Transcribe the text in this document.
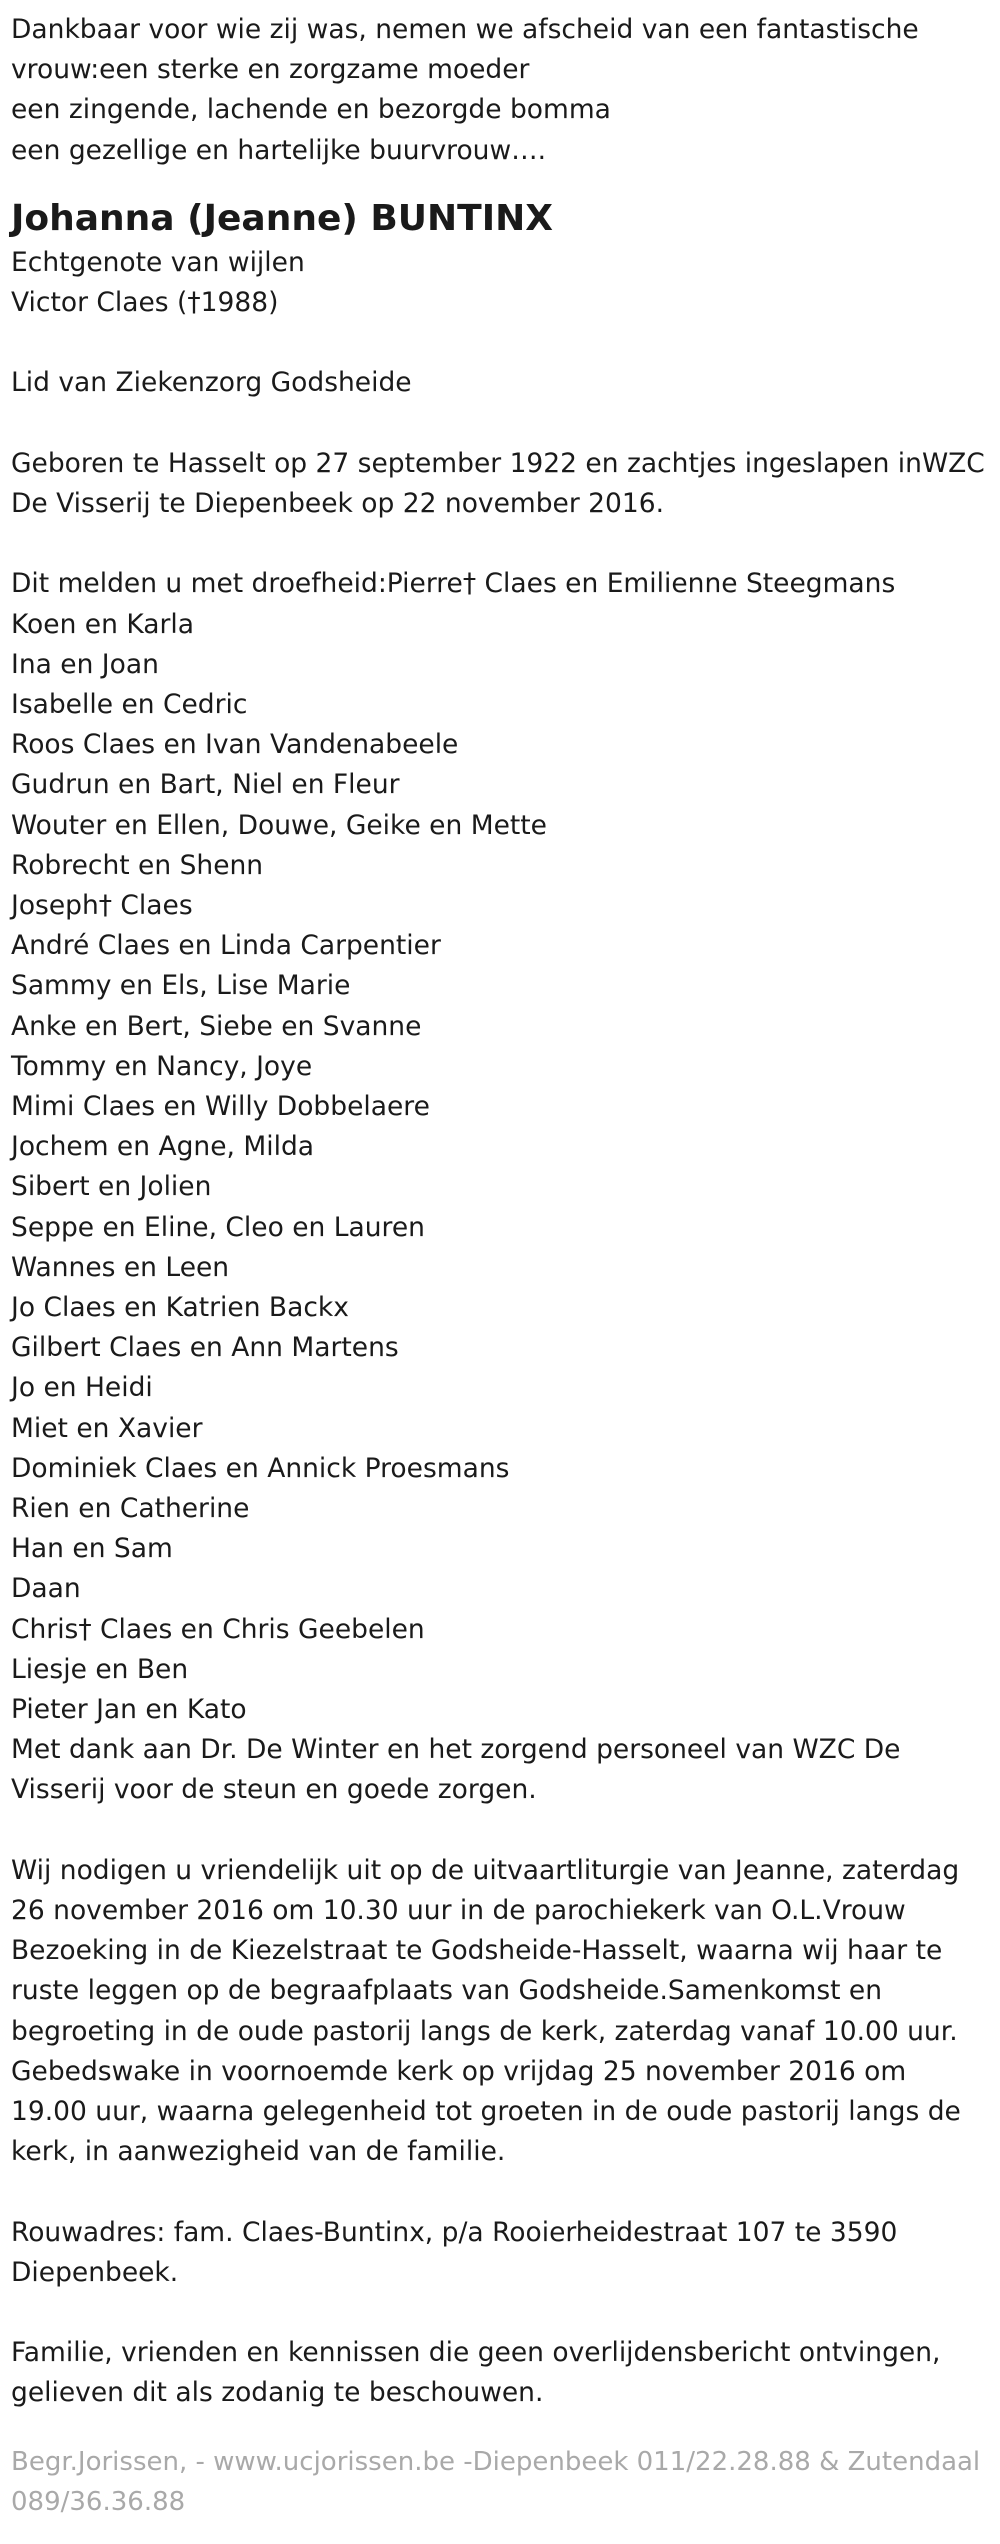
Dankbaar voor wie zij was, nemen we afscheid van een fantastische
vrouw:een sterke en zorgzame moeder
een zingende, lachende en bezorgde bomma
een gezellige en hartelijke buurvrouw….
Johanna (Jeanne) BUNTINX
Echtgenote van wijlen
Victor Claes (†1988)
Lid van Ziekenzorg Godsheide
Geboren te Hasselt op 27 september 1922 en zachtjes ingeslapen inWZC De Visserij te Diepenbeek op 22 november 2016.
Dit melden u met droefheid:Pierre† Claes en Emilienne Steegmans
Koen en Karla
Ina en Joan
Isabelle en Cedric
Roos Claes en Ivan Vandenabeele
Gudrun en Bart, Niel en Fleur
Wouter en Ellen, Douwe, Geike en Mette
Robrecht en Shenn
Joseph† Claes
André Claes en Linda Carpentier
Sammy en Els, Lise Marie
Anke en Bert, Siebe en Svanne
Tommy en Nancy, Joye
Mimi Claes en Willy Dobbelaere
Jochem en Agne, Milda
Sibert en Jolien
Seppe en Eline, Cleo en Lauren
Wannes en Leen
Jo Claes en Katrien Backx
Gilbert Claes en Ann Martens
Jo en Heidi
Miet en Xavier
Dominiek Claes en Annick Proesmans
Rien en Catherine
Han en Sam
Daan
Chris† Claes en Chris Geebelen
Liesje en Ben
Pieter Jan en Kato
Met dank aan Dr. De Winter en het zorgend personeel van WZC De Visserij voor de steun en goede zorgen.
Wij nodigen u vriendelijk uit op de uitvaartliturgie van Jeanne, zaterdag 26 november 2016 om 10.30 uur in de parochiekerk van O.L.Vrouw Bezoeking in de Kiezelstraat te Godsheide-Hasselt, waarna wij haar te ruste leggen op de begraafplaats van Godsheide.Samenkomst en begroeting in de oude pastorij langs de kerk, zaterdag vanaf 10.00 uur. Gebedswake in voornoemde kerk op vrijdag 25 november 2016 om 19.00 uur, waarna gelegenheid tot groeten in de oude pastorij langs de kerk, in aanwezigheid van de familie.
Rouwadres: fam. Claes-Buntinx, p/a Rooierheidestraat 107 te 3590 Diepenbeek.
Familie, vrienden en kennissen die geen overlijdensbericht ontvingen, gelieven dit als zodanig te beschouwen.
Begr.Jorissen, - www.ucjorissen.be -Diepenbeek 011/22.28.88 & Zutendaal 089/36.36.88
